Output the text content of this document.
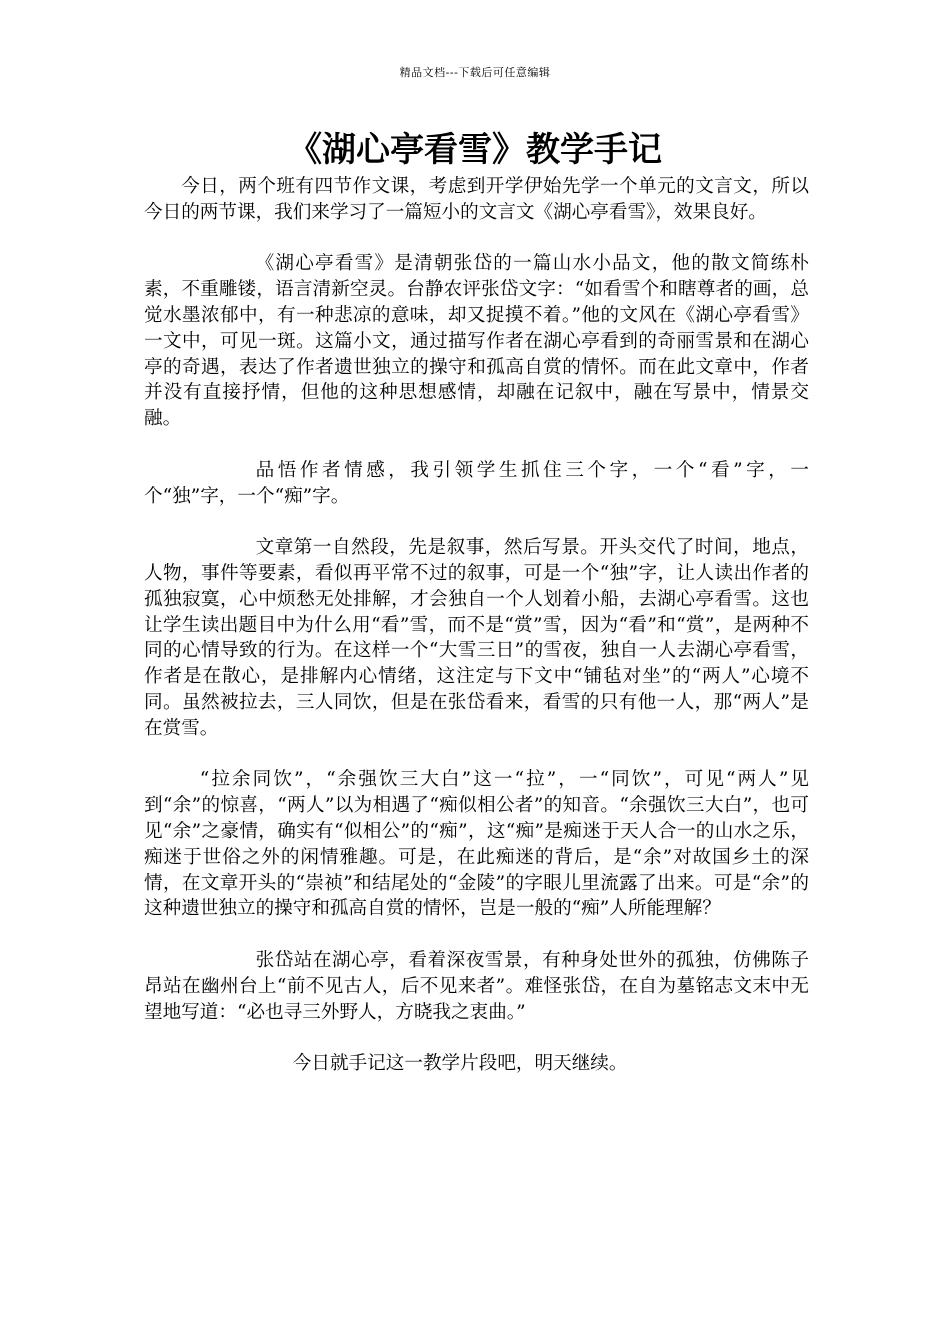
精品文档---下载后可任意编辑
《湖心亭看雪》教学手记

今日，两个班有四节作文课，考虑到开学伊始先学一个单元的文言文，所以今日的两节课，我们来学习了一篇短小的文言文《湖心亭看雪》，效果良好。

《湖心亭看雪》是清朝张岱的一篇山水小品文，他的散文简练朴素，不重雕镂，语言清新空灵。台静农评张岱文字：“如看雪个和瞎尊者的画，总觉水墨浓郁中，有一种悲凉的意味，却又捉摸不着。”他的文风在《湖心亭看雪》一文中，可见一斑。这篇小文，通过描写作者在湖心亭看到的奇丽雪景和在湖心亭的奇遇，表达了作者遗世独立的操守和孤高自赏的情怀。而在此文章中，作者并没有直接抒情，但他的这种思想感情，却融在记叙中，融在写景中，情景交融。

品悟作者情感，我引领学生抓住三个字，一个“看”字，一个“独”字，一个“痴”字。

文章第一自然段，先是叙事，然后写景。开头交代了时间，地点，人物，事件等要素，看似再平常不过的叙事，可是一个“独”字，让人读出作者的孤独寂寞，心中烦愁无处排解，才会独自一个人划着小船，去湖心亭看雪。这也让学生读出题目中为什么用“看”雪，而不是“赏”雪，因为“看”和“赏”，是两种不同的心情导致的行为。在这样一个“大雪三日”的雪夜，独自一人去湖心亭看雪，作者是在散心，是排解内心情绪，这注定与下文中“铺毡对坐”的“两人”心境不同。虽然被拉去，三人同饮，但是在张岱看来，看雪的只有他一人，那“两人”是在赏雪。

“拉余同饮”，“余强饮三大白”这一“拉”，一“同饮”，可见“两人”见到“余”的惊喜，“两人”以为相遇了“痴似相公者”的知音。“余强饮三大白”，也可见“余”之豪情，确实有“似相公”的“痴”，这“痴”是痴迷于天人合一的山水之乐，痴迷于世俗之外的闲情雅趣。可是，在此痴迷的背后，是“余”对故国乡土的深情，在文章开头的“崇祯”和结尾处的“金陵”的字眼儿里流露了出来。可是“余”的这种遗世独立的操守和孤高自赏的情怀，岂是一般的“痴”人所能理解？

张岱站在湖心亭，看着深夜雪景，有种身处世外的孤独，仿佛陈子昂站在幽州台上“前不见古人，后不见来者”。难怪张岱，在自为墓铭志文末中无望地写道：“必也寻三外野人，方晓我之衷曲。”

今日就手记这一教学片段吧，明天继续。
